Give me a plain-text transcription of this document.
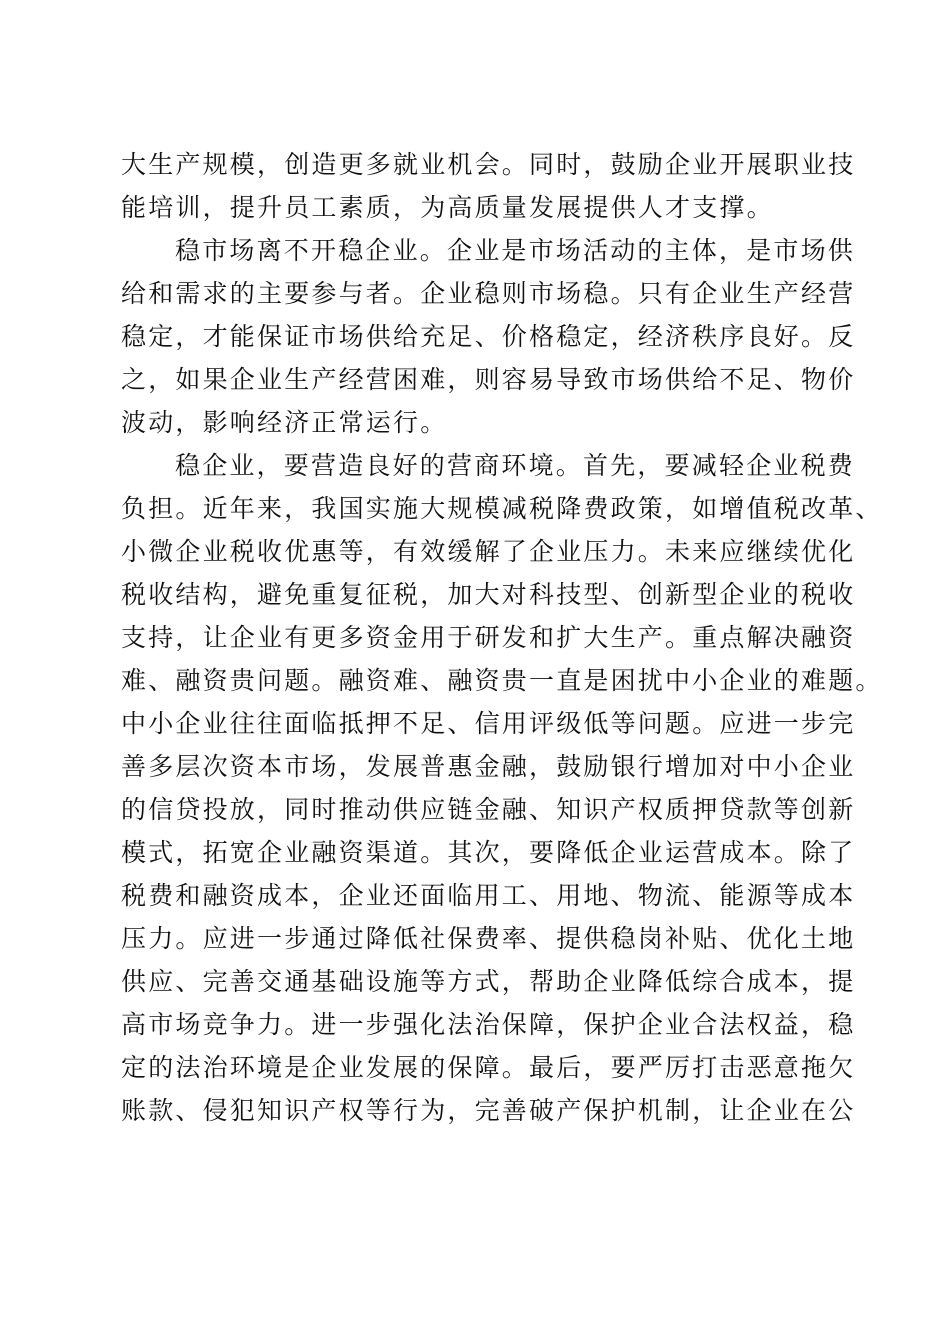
大生产规模，创造更多就业机会。同时，鼓励企业开展职业技
能培训，提升员工素质，为高质量发展提供人才支撑。
稳市场离不开稳企业。企业是市场活动的主体，是市场供
给和需求的主要参与者。企业稳则市场稳。只有企业生产经营
稳定，才能保证市场供给充足、价格稳定，经济秩序良好。反
之，如果企业生产经营困难，则容易导致市场供给不足、物价
波动，影响经济正常运行。
稳企业，要营造良好的营商环境。首先，要减轻企业税费
负担。近年来，我国实施大规模减税降费政策，如增值税改革、
小微企业税收优惠等，有效缓解了企业压力。未来应继续优化
税收结构，避免重复征税，加大对科技型、创新型企业的税收
支持，让企业有更多资金用于研发和扩大生产。重点解决融资
难、融资贵问题。融资难、融资贵一直是困扰中小企业的难题。
中小企业往往面临抵押不足、信用评级低等问题。应进一步完
善多层次资本市场，发展普惠金融，鼓励银行增加对中小企业
的信贷投放，同时推动供应链金融、知识产权质押贷款等创新
模式，拓宽企业融资渠道。其次，要降低企业运营成本。除了
税费和融资成本，企业还面临用工、用地、物流、能源等成本
压力。应进一步通过降低社保费率、提供稳岗补贴、优化土地
供应、完善交通基础设施等方式，帮助企业降低综合成本，提
高市场竞争力。进一步强化法治保障，保护企业合法权益，稳
定的法治环境是企业发展的保障。最后，要严厉打击恶意拖欠
账款、侵犯知识产权等行为，完善破产保护机制，让企业在公
